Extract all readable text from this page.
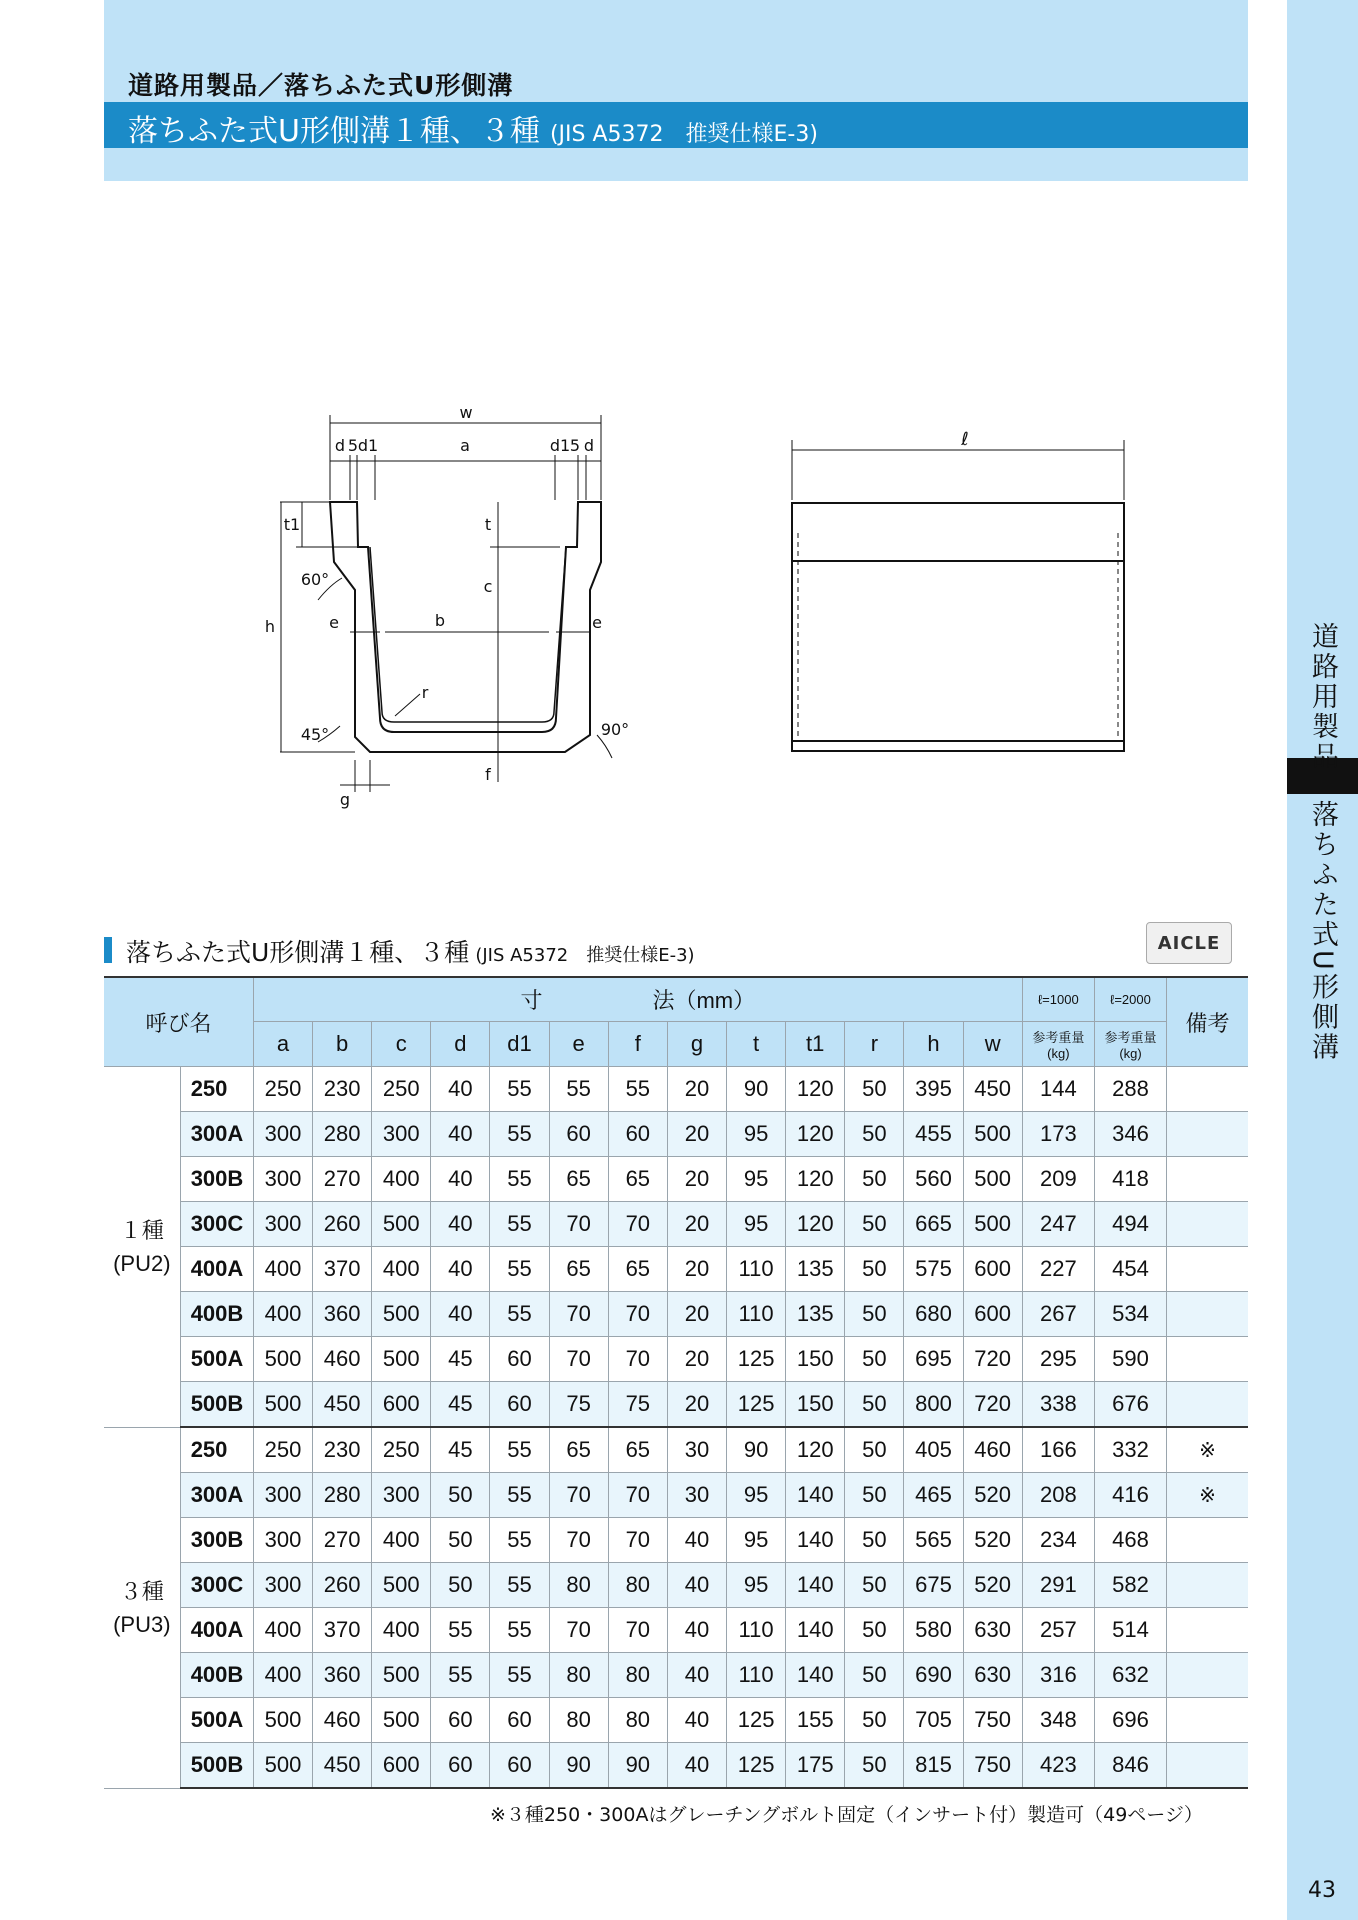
道路用製品／落ちふた式U形側溝
落ちふた式U形側溝１種、３種 (JIS A5372　推奨仕様E-3)
道路用製品
落ちふた式U形側溝
43
w
d 5 d1	a	d1 5 d
t1	t
c
h	b
e	e
r
60°
45°	90°
f
g
ℓ
落ちふた式U形側溝１種、３種 (JIS A5372　推奨仕様E-3)
AICLE
呼び名		寸　　　　　法（mm）													ℓ=1000	ℓ=2000	備考
		a	b	c	d	d1	e	f	g	t	t1	r	h	w	参考重量(kg)	参考重量(kg)	

１種
(PU2)	250	250	230	250	40	55	55	55	20	90	120	50	395	450	144	288	
	300A	300	280	300	40	55	60	60	20	95	120	50	455	500	173	346	
	300B	300	270	400	40	55	65	65	20	95	120	50	560	500	209	418	
	300C	300	260	500	40	55	70	70	20	95	120	50	665	500	247	494	
	400A	400	370	400	40	55	65	65	20	110	135	50	575	600	227	454	
	400B	400	360	500	40	55	70	70	20	110	135	50	680	600	267	534	
	500A	500	460	500	45	60	70	70	20	125	150	50	695	720	295	590	
	500B	500	450	600	45	60	75	75	20	125	150	50	800	720	338	676	

３種
(PU3)	250	250	230	250	45	55	65	65	30	90	120	50	405	460	166	332	※
	300A	300	280	300	50	55	70	70	30	95	140	50	465	520	208	416	※
	300B	300	270	400	50	55	70	70	40	95	140	50	565	520	234	468	
	300C	300	260	500	50	55	80	80	40	95	140	50	675	520	291	582	
	400A	400	370	400	55	55	70	70	40	110	140	50	580	630	257	514	
	400B	400	360	500	55	55	80	80	40	110	140	50	690	630	316	632	
	500A	500	460	500	60	60	80	80	40	125	155	50	705	750	348	696	
	500B	500	450	600	60	60	90	90	40	125	175	50	815	750	423	846	
※３種250・300Aはグレーチングボルト固定（インサート付）製造可（49ページ）
